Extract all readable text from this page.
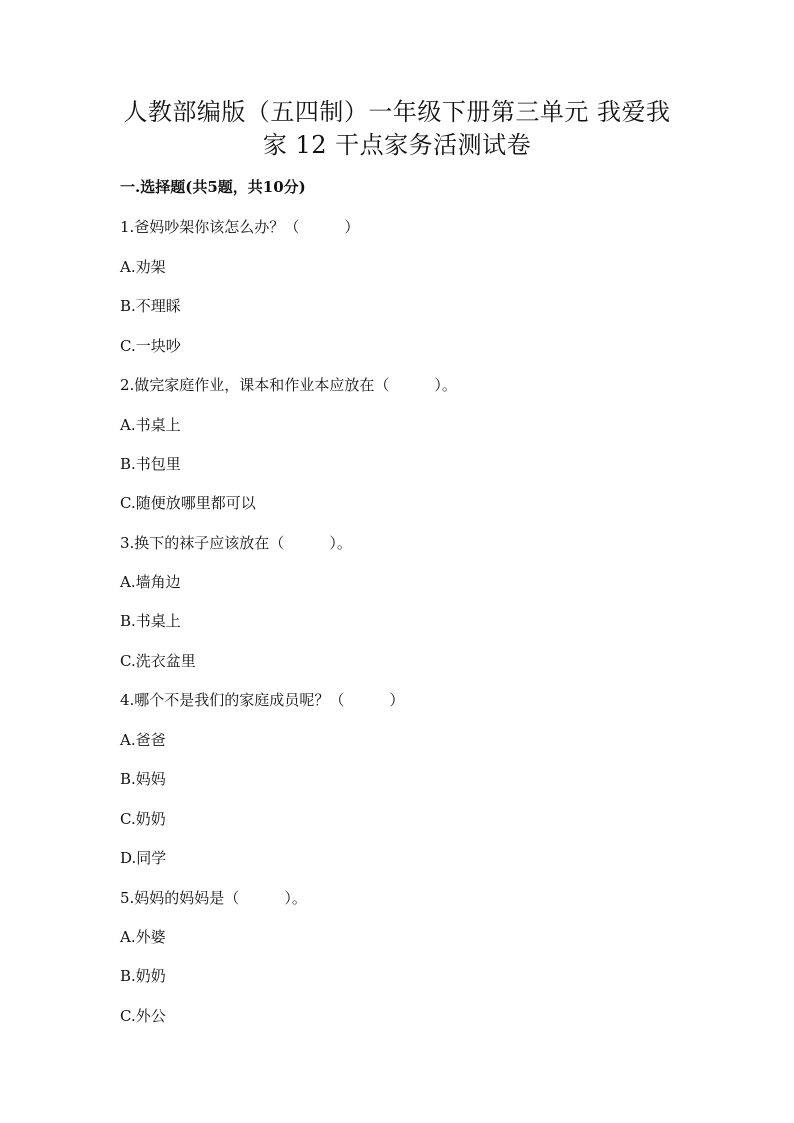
人教部编版（五四制）一年级下册第三单元 我爱我
家 12 干点家务活测试卷
一.选择题(共5题，共10分)
1.爸妈吵架你该怎么办？（　　　）
A.劝架
B.不理睬
C.一块吵
2.做完家庭作业，课本和作业本应放在（　　　）。
A.书桌上
B.书包里
C.随便放哪里都可以
3.换下的袜子应该放在（　　　）。
A.墙角边
B.书桌上
C.洗衣盆里
4.哪个不是我们的家庭成员呢？（　　　）
A.爸爸
B.妈妈
C.奶奶
D.同学
5.妈妈的妈妈是（　　　）。
A.外婆
B.奶奶
C.外公
